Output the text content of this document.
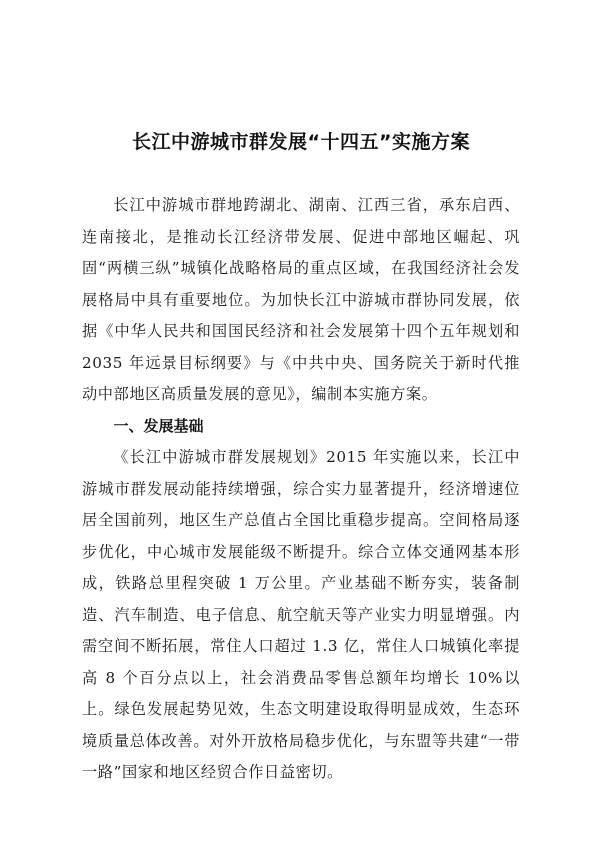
长江中游城市群发展“十四五”实施方案

长江中游城市群地跨湖北、湖南、江西三省，承东启西、连南接北，是推动长江经济带发展、促进中部地区崛起、巩固“两横三纵”城镇化战略格局的重点区域，在我国经济社会发展格局中具有重要地位。为加快长江中游城市群协同发展，依据《中华人民共和国国民经济和社会发展第十四个五年规划和 2035 年远景目标纲要》与《中共中央、国务院关于新时代推动中部地区高质量发展的意见》，编制本实施方案。

一、发展基础

《长江中游城市群发展规划》2015 年实施以来，长江中游城市群发展动能持续增强，综合实力显著提升，经济增速位居全国前列，地区生产总值占全国比重稳步提高。空间格局逐步优化，中心城市发展能级不断提升。综合立体交通网基本形成，铁路总里程突破 1 万公里。产业基础不断夯实，装备制造、汽车制造、电子信息、航空航天等产业实力明显增强。内需空间不断拓展，常住人口超过 1.3 亿，常住人口城镇化率提高 8 个百分点以上，社会消费品零售总额年均增长 10%以上。绿色发展起势见效，生态文明建设取得明显成效，生态环境质量总体改善。对外开放格局稳步优化，与东盟等共建“一带一路”国家和地区经贸合作日益密切。
